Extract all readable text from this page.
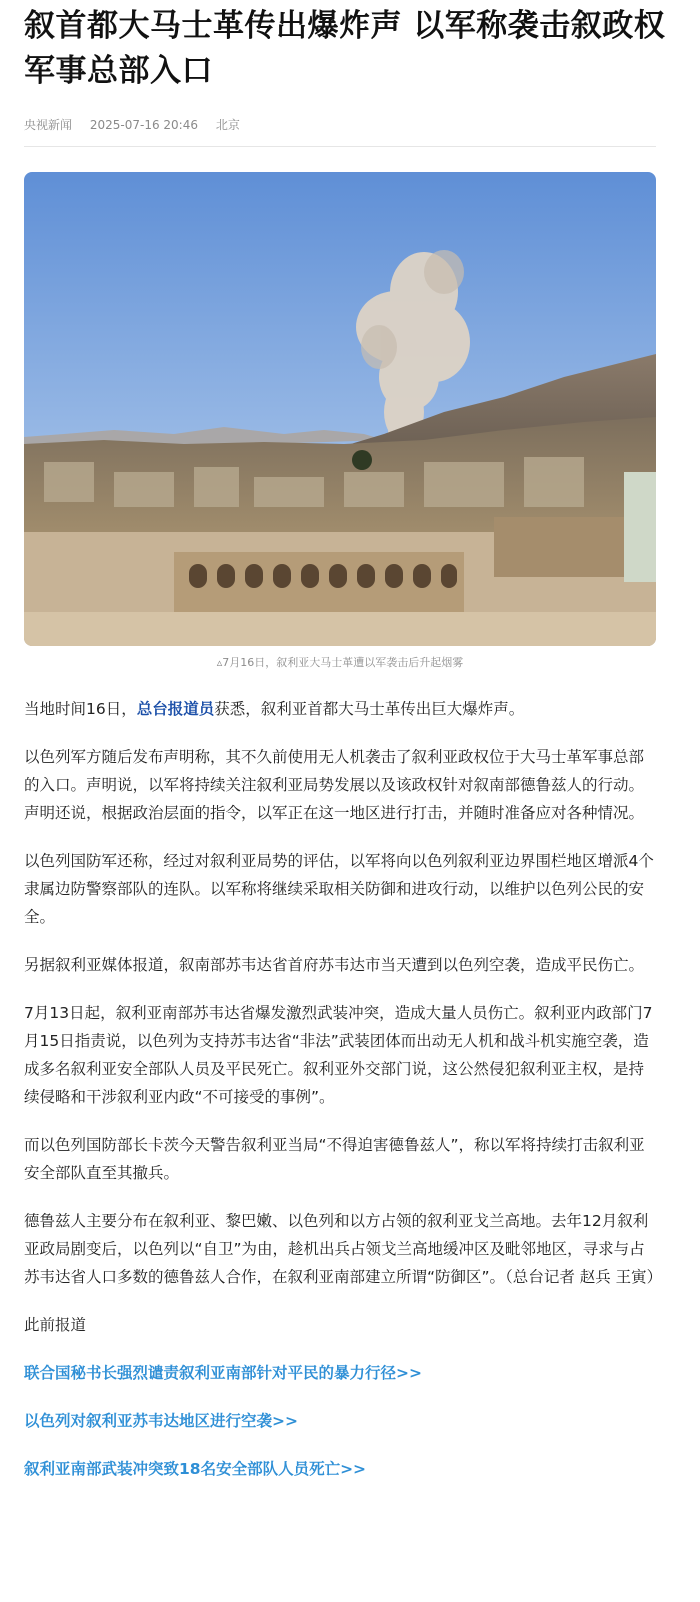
叙首都大马士革传出爆炸声 以军称袭击叙政权军事总部入口
央视新闻 2025-07-16 20:46 北京
▵7月16日，叙利亚大马士革遭以军袭击后升起烟雾

当地时间16日，总台报道员获悉，叙利亚首都大马士革传出巨大爆炸声。

以色列军方随后发布声明称，其不久前使用无人机袭击了叙利亚政权位于大马士革军事总部的入口。声明说，以军将持续关注叙利亚局势发展以及该政权针对叙南部德鲁兹人的行动。声明还说，根据政治层面的指令，以军正在这一地区进行打击，并随时准备应对各种情况。

以色列国防军还称，经过对叙利亚局势的评估，以军将向以色列叙利亚边界围栏地区增派4个隶属边防警察部队的连队。以军称将继续采取相关防御和进攻行动，以维护以色列公民的安全。

另据叙利亚媒体报道，叙南部苏韦达省首府苏韦达市当天遭到以色列空袭，造成平民伤亡。

7月13日起，叙利亚南部苏韦达省爆发激烈武装冲突，造成大量人员伤亡。叙利亚内政部门7月15日指责说，以色列为支持苏韦达省“非法”武装团体而出动无人机和战斗机实施空袭，造成多名叙利亚安全部队人员及平民死亡。叙利亚外交部门说，这公然侵犯叙利亚主权，是持续侵略和干涉叙利亚内政“不可接受的事例”。

而以色列国防部长卡茨今天警告叙利亚当局“不得迫害德鲁兹人”，称以军将持续打击叙利亚安全部队直至其撤兵。

德鲁兹人主要分布在叙利亚、黎巴嫩、以色列和以方占领的叙利亚戈兰高地。去年12月叙利亚政局剧变后，以色列以“自卫”为由，趁机出兵占领戈兰高地缓冲区及毗邻地区，寻求与占苏韦达省人口多数的德鲁兹人合作，在叙利亚南部建立所谓“防御区”。（总台记者 赵兵 王寅）

此前报道

联合国秘书长强烈谴责叙利亚南部针对平民的暴力行径>>
以色列对叙利亚苏韦达地区进行空袭>>
叙利亚南部武装冲突致18名安全部队人员死亡>>
